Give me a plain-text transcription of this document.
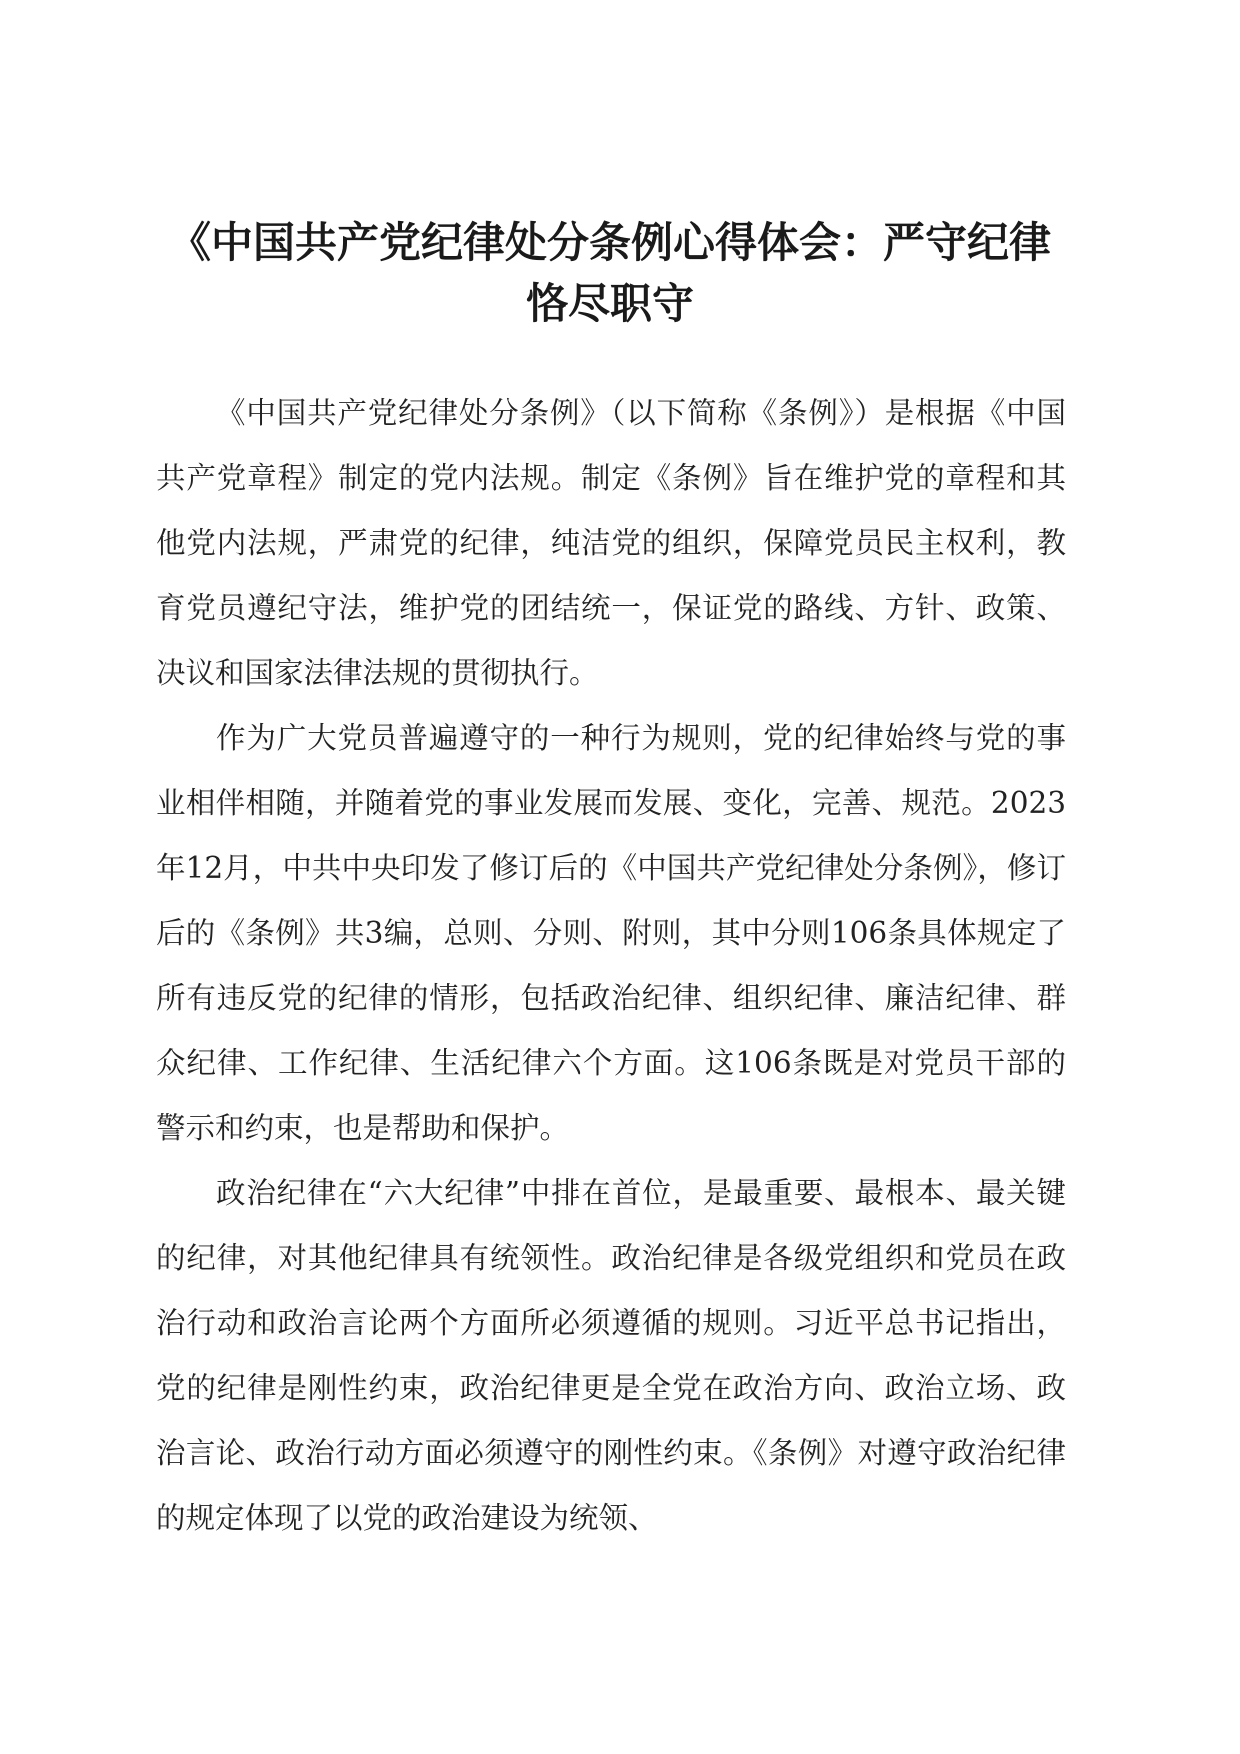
《中国共产党纪律处分条例心得体会：严守纪律恪尽职守

《中国共产党纪律处分条例》（以下简称《条例》）是根据《中国共产党章程》制定的党内法规。制定《条例》旨在维护党的章程和其他党内法规，严肃党的纪律，纯洁党的组织，保障党员民主权利，教育党员遵纪守法，维护党的团结统一，保证党的路线、方针、政策、决议和国家法律法规的贯彻执行。

作为广大党员普遍遵守的一种行为规则，党的纪律始终与党的事业相伴相随，并随着党的事业发展而发展、变化，完善、规范。2023年12月，中共中央印发了修订后的《中国共产党纪律处分条例》，修订后的《条例》共3编，总则、分则、附则，其中分则106条具体规定了所有违反党的纪律的情形，包括政治纪律、组织纪律、廉洁纪律、群众纪律、工作纪律、生活纪律六个方面。这106条既是对党员干部的警示和约束，也是帮助和保护。

政治纪律在“六大纪律”中排在首位，是最重要、最根本、最关键的纪律，对其他纪律具有统领性。政治纪律是各级党组织和党员在政治行动和政治言论两个方面所必须遵循的规则。习近平总书记指出，党的纪律是刚性约束，政治纪律更是全党在政治方向、政治立场、政治言论、政治行动方面必须遵守的刚性约束。《条例》对遵守政治纪律的规定体现了以党的政治建设为统领、
